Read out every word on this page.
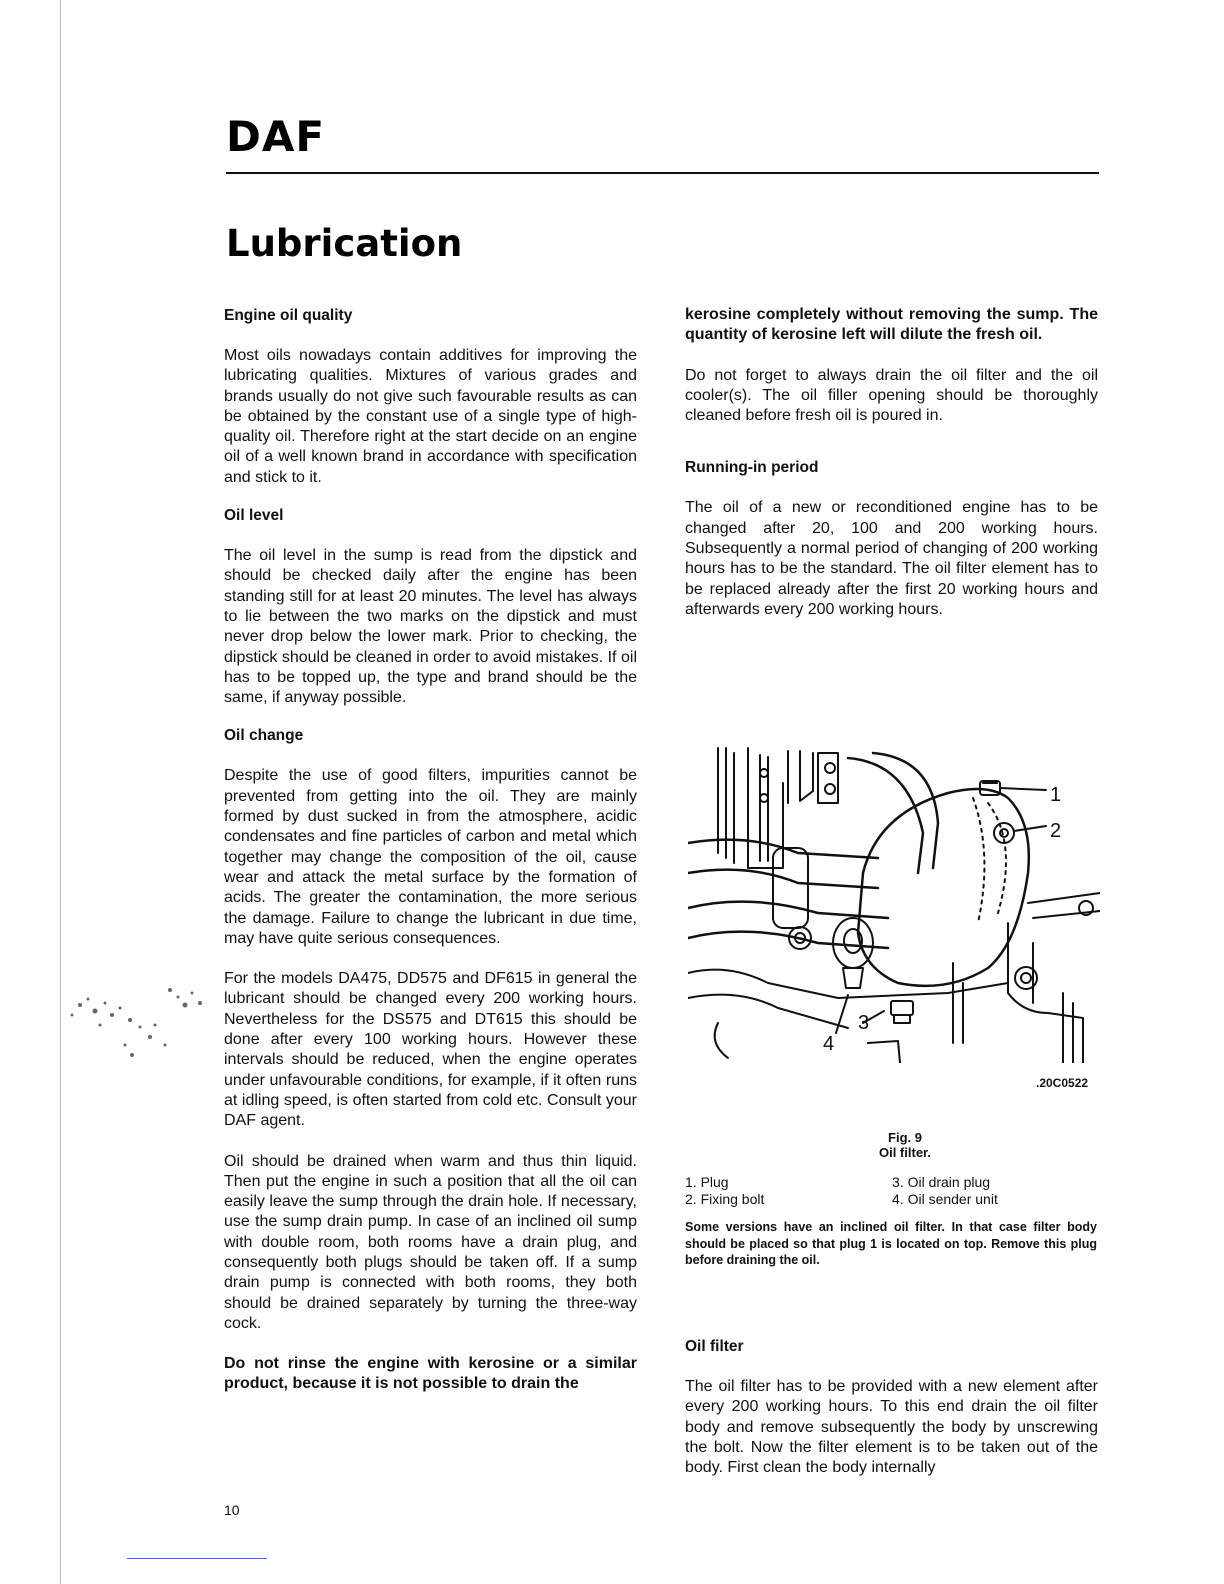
DAF
Lubrication
Engine oil quality

Most oils nowadays contain additives for improving the lubricating qualities. Mixtures of various grades and brands usually do not give such favourable results as can be obtained by the constant use of a single type of high-quality oil. Therefore right at the start decide on an engine oil of a well known brand in accordance with specification and stick to it.

Oil level

The oil level in the sump is read from the dipstick and should be checked daily after the engine has been standing still for at least 20 minutes. The level has always to lie between the two marks on the dipstick and must never drop below the lower mark. Prior to checking, the dipstick should be cleaned in order to avoid mistakes. If oil has to be topped up, the type and brand should be the same, if anyway possible.

Oil change

Despite the use of good filters, impurities cannot be prevented from getting into the oil. They are mainly formed by dust sucked in from the atmosphere, acidic condensates and fine particles of carbon and metal which together may change the composition of the oil, cause wear and attack the metal surface by the formation of acids. The greater the contamination, the more serious the damage. Failure to change the lubricant in due time, may have quite serious consequences.

For the models DA475, DD575 and DF615 in general the lubricant should be changed every 200 working hours. Nevertheless for the DS575 and DT615 this should be done after every 100 working hours. However these intervals should be reduced, when the engine operates under unfavourable conditions, for example, if it often runs at idling speed, is often started from cold etc. Consult your DAF agent.

Oil should be drained when warm and thus thin liquid. Then put the engine in such a position that all the oil can easily leave the sump through the drain hole. If necessary, use the sump drain pump. In case of an inclined oil sump with double room, both rooms have a drain plug, and consequently both plugs should be taken off. If a sump drain pump is connected with both rooms, they both should be drained separately by turning the three-way cock.

Do not rinse the engine with kerosine or a similar product, because it is not possible to drain the

kerosine completely without removing the sump. The quantity of kerosine left will dilute the fresh oil.

Do not forget to always drain the oil filter and the oil cooler(s). The oil filler opening should be thoroughly cleaned before fresh oil is poured in.

Running-in period

The oil of a new or reconditioned engine has to be changed after 20, 100 and 200 working hours. Subsequently a normal period of changing of 200 working hours has to be the standard. The oil filter element has to be replaced already after the first 20 working hours and afterwards every 200 working hours.

1
2
3
4
.20C0522
Fig. 9
Oil filter.
1. Plug
2. Fixing bolt
3. Oil drain plug
4. Oil sender unit
Some versions have an inclined oil filter. In that case filter body should be placed so that plug 1 is located on top. Remove this plug before draining the oil.
Oil filter

The oil filter has to be provided with a new element after every 200 working hours. To this end drain the oil filter body and remove subsequently the body by unscrewing the bolt. Now the filter element is to be taken out of the body. First clean the body internally

10
